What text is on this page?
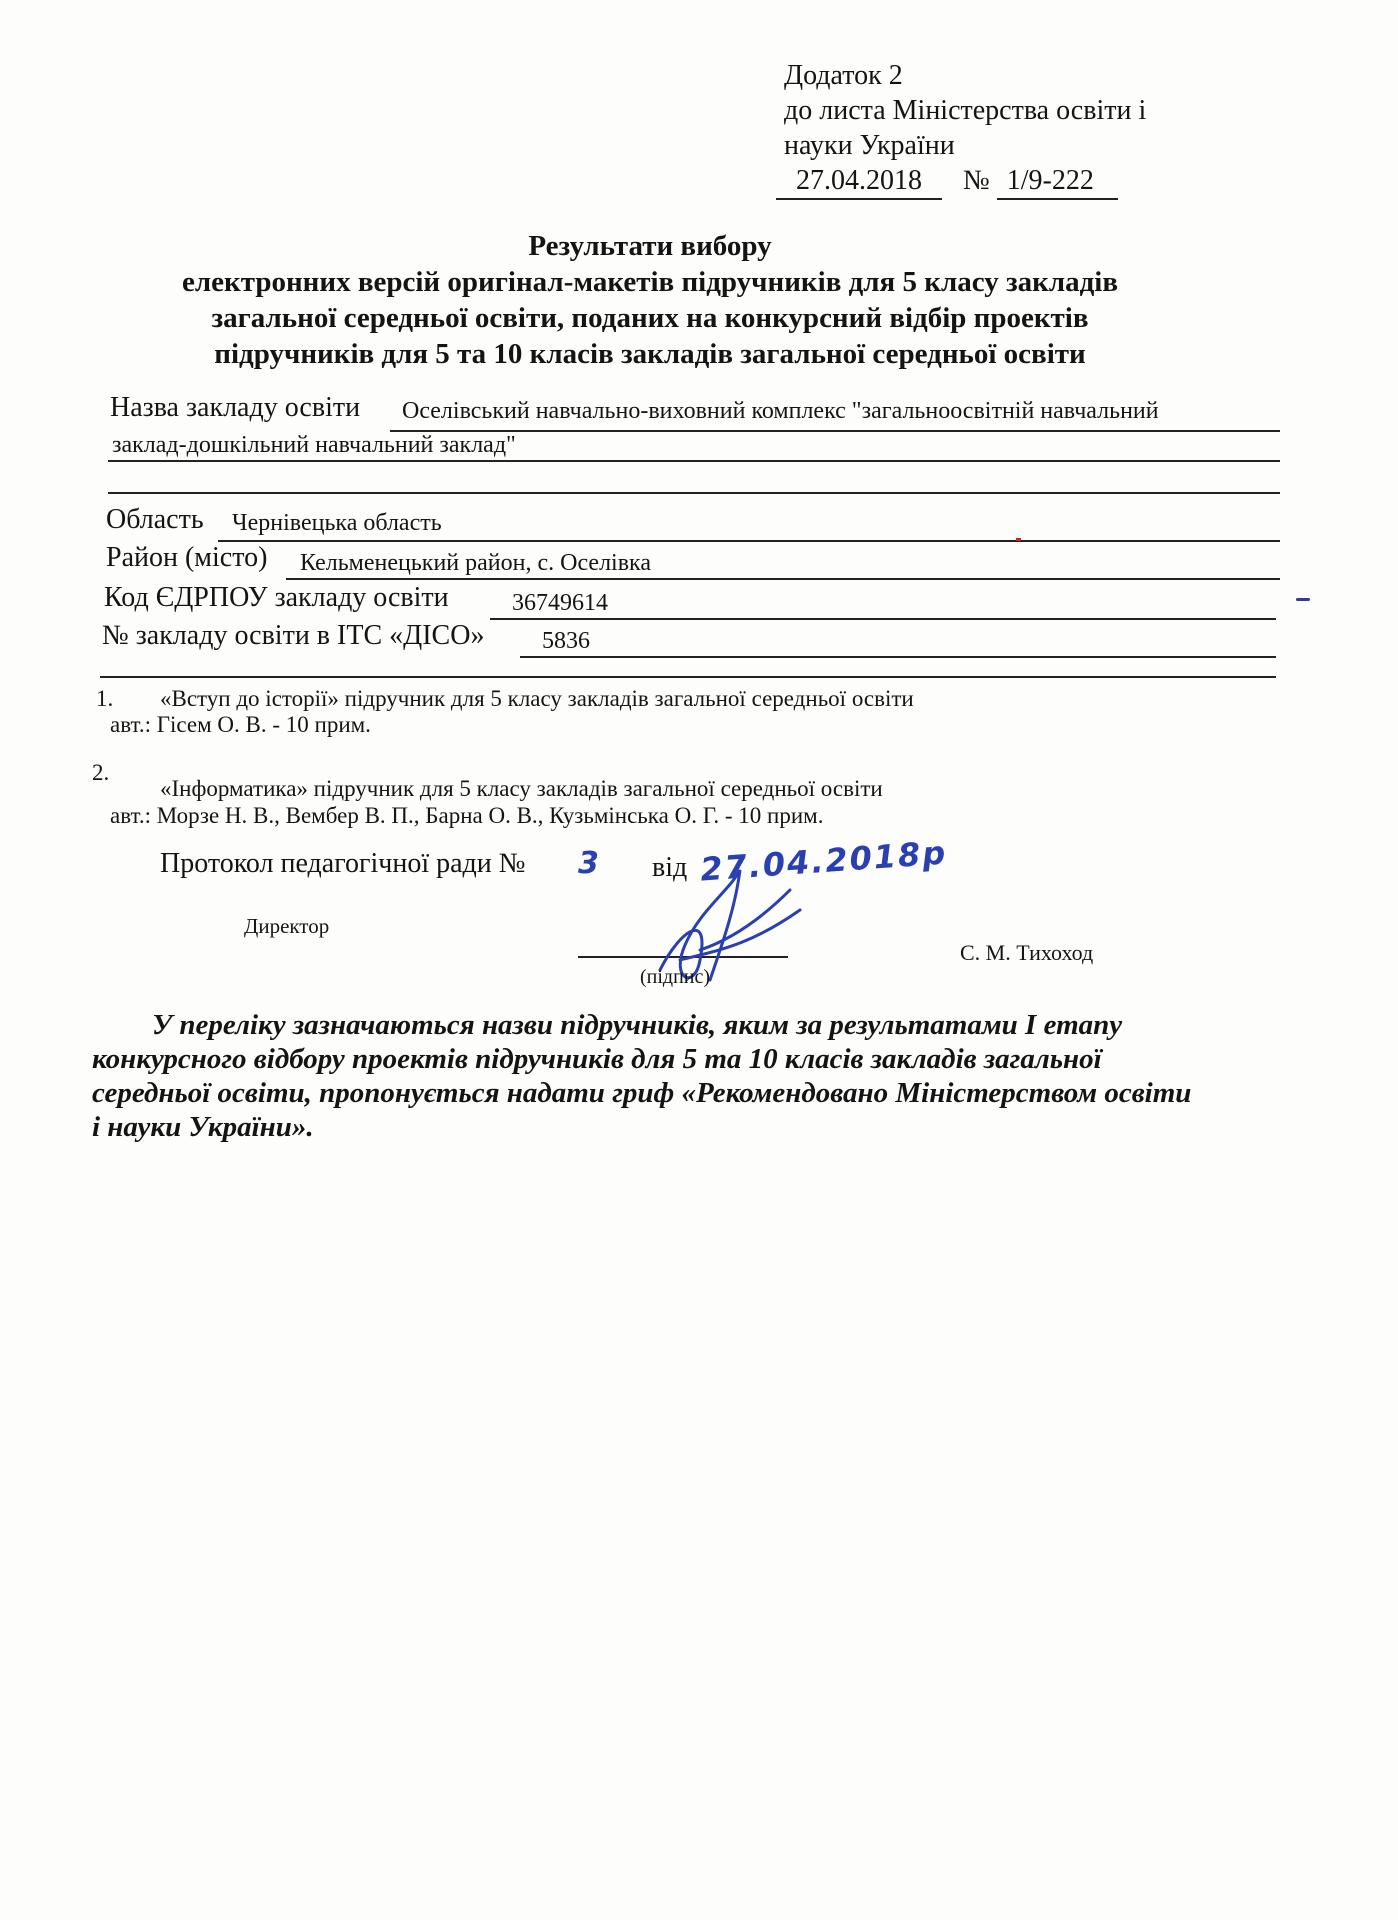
Додаток 2
до листа Міністерства освіти і
науки України
27.04.2018 № 1/9-222
Результати вибору
електронних версій оригінал-макетів підручників для 5 класу закладів
загальної середньої освіти, поданих на конкурсний відбір проектів
підручників для 5 та 10 класів закладів загальної середньої освіти
Назва закладу освіти Оселівський навчально-виховний комплекс "загальноосвітній навчальний
заклад-дошкільний навчальний заклад"
Область Чернівецька область
Район (місто) Кельменецький район, с. Оселівка
Код ЄДРПОУ закладу освіти	36749614
№ закладу освіти в ІТС «ДІСО» 5836
1. «Вступ до історії» підручник для 5 класу закладів загальної середньої освіти
авт.: Гісем О. В. - 10 прим.
2.
«Інформатика» підручник для 5 класу закладів загальної середньої освіти
авт.: Морзе Н. В., Вембер В. П., Барна О. В., Кузьмінська О. Г. - 10 прим.
Протокол педагогічної ради № 3 від 27.04.2018р
Директор
(підпис)
С. М. Тихоход
У переліку зазначаються назви підручників, яким за результатами І етапу конкурсного відбору проектів підручників для 5 та 10 класів закладів загальної середньої освіти, пропонується надати гриф «Рекомендовано Міністерством освіти і науки України».
